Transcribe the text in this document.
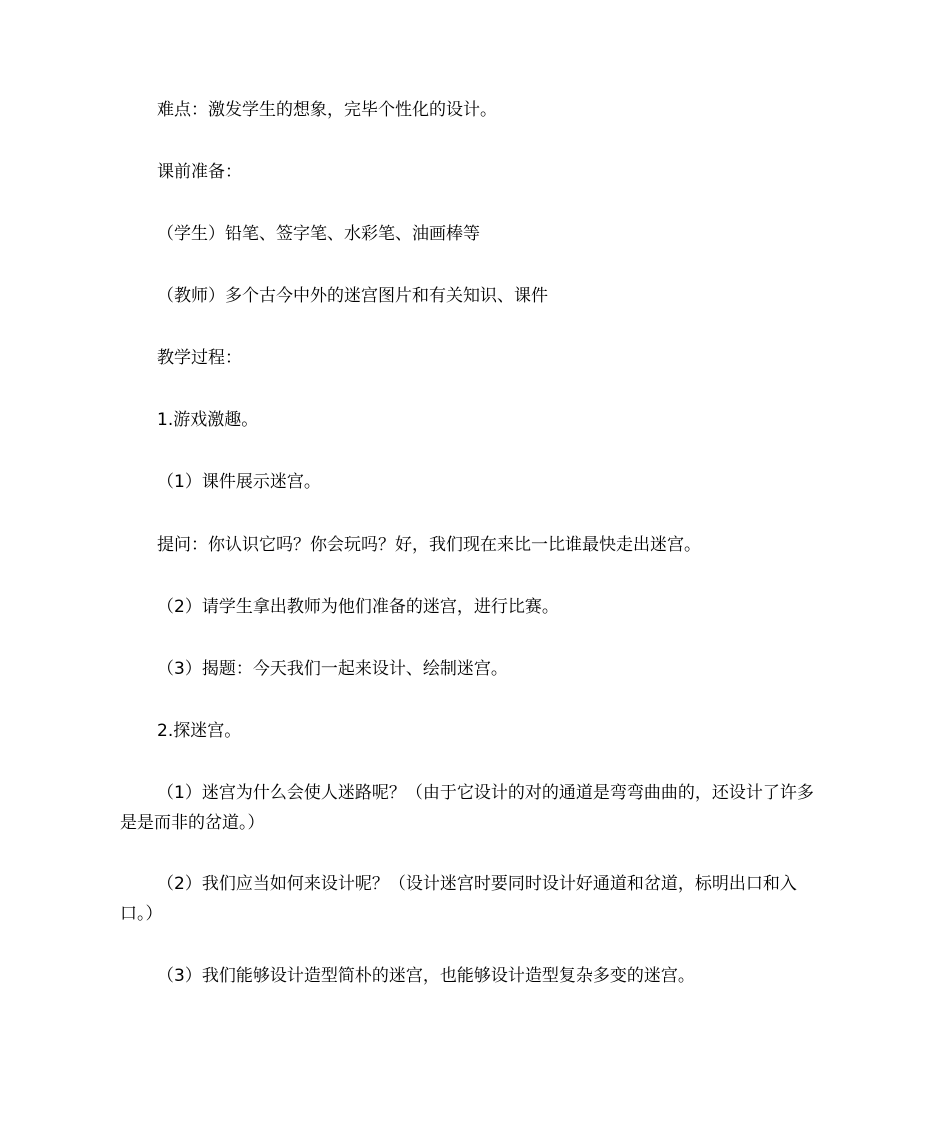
难点：激发学生的想象，完毕个性化的设计。

课前准备：

（学生）铅笔、签字笔、水彩笔、油画棒等

（教师）多个古今中外的迷宫图片和有关知识、课件

教学过程：

1.游戏激趣。

（1）课件展示迷宫。

提问：你认识它吗？你会玩吗？好，我们现在来比一比谁最快走出迷宫。

（2）请学生拿出教师为他们准备的迷宫，进行比赛。

（3）揭题：今天我们一起来设计、绘制迷宫。

2.探迷宫。

（1）迷宫为什么会使人迷路呢？（由于它设计的对的通道是弯弯曲曲的，还设计了许多是是而非的岔道。）

（2）我们应当如何来设计呢？（设计迷宫时要同时设计好通道和岔道，标明出口和入口。）

（3）我们能够设计造型简朴的迷宫，也能够设计造型复杂多变的迷宫。
